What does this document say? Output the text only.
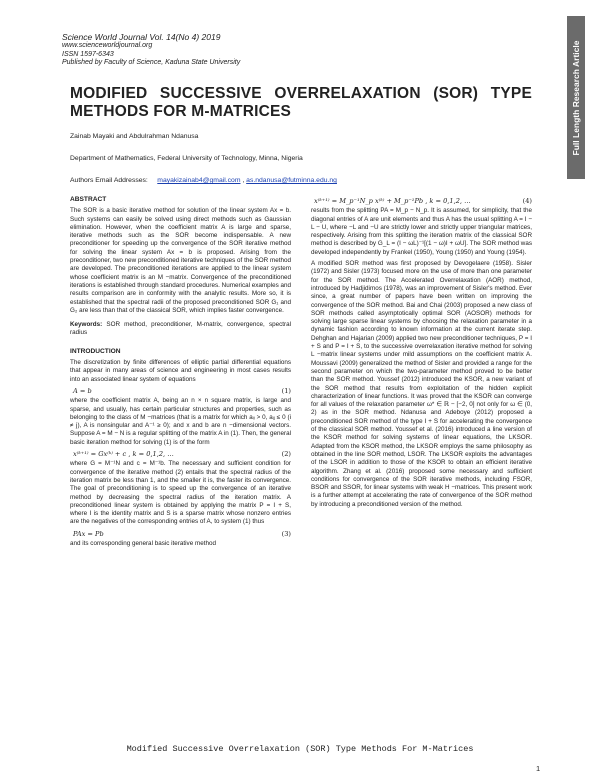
Science World Journal Vol. 14(No 4) 2019
www.scienceworldjournal.org
ISSN 1597-6343
Published by Faculty of Science, Kaduna State University	Full Length Research Article
MODIFIED SUCCESSIVE OVERRELAXATION (SOR) TYPE METHODS FOR M-MATRICES
Zainab Mayaki and Abdulrahman Ndanusa
Department of Mathematics, Federal University of Technology, Minna, Nigeria
Authors Email Addresses: mayakizainab4@gmail.com , as.ndanusa@futminna.edu.ng

ABSTRACT

The SOR is a basic iterative method for solution of the linear system Ax = b. Such systems can easily be solved using direct methods such as Gaussian elimination. However, when the coefficient matrix A is large and sparse, iterative methods such as the SOR become indispensable. A new preconditioner for speeding up the convergence of the SOR iterative method for solving the linear system Ax = b is proposed. Arising from the preconditioner, two new preconditioned iterative techniques of the SOR method are developed. The preconditioned iterations are applied to the linear system whose coefficient matrix is an M −matrix. Convergence of the preconditioned iterations is established through standard procedures. Numerical examples and results comparison are in conformity with the analytic results. More so, it is established that the spectral radii of the proposed preconditioned SOR G₁ and G₂ are less than that of the classical SOR, which implies faster convergence.

Keywords: SOR method, preconditioner, M-matrix, convergence, spectral radius

INTRODUCTION

The discretization by finite differences of elliptic partial differential equations that appear in many areas of science and engineering in most cases results into an associated linear system of equations

A = b	(1)

where the coefficient matrix A, being an n × n square matrix, is large and sparse, and usually, has certain particular structures and properties, such as belonging to the class of M −matrices (that is a matrix for which aᵢᵢ > 0, aᵢⱼ ≤ 0 (i ≠ j), A is nonsingular and A⁻¹ ≥ 0); and x and b are n −dimensional vectors. Suppose A = M − N is a regular splitting of the matrix A in (1). Then, the general basic iteration method for solving (1) is of the form

x⁽ᵏ⁺¹⁾ = Gx⁽ᵏ⁾ + c , k = 0,1,2, …	(2)

where G = M⁻¹N and c = M⁻¹b. The necessary and sufficient condition for convergence of the iterative method (2) entails that the spectral radius of the iteration matrix be less than 1, and the smaller it is, the faster its convergence. The goal of preconditioning is to speed up the convergence of an iterative method by decreasing the spectral radius of the iteration matrix. A preconditioned linear system is obtained by applying the matrix P = I + S, where I is the identity matrix and S is a sparse matrix whose nonzero entries are the negatives of the corresponding entries of A, to system (1) thus

PAx = Pb	(3)

and its corresponding general basic iterative method

x⁽ᵏ⁺¹⁾ = M_p⁻¹N_p x⁽ᵏ⁾ + M_p⁻¹Pb , k = 0,1,2, …	(4)

results from the splitting PA = M_p − N_p. It is assumed, for simplicity, that the diagonal entries of A are unit elements and thus A has the usual splitting A = I − L − U, where −L and −U are strictly lower and strictly upper triangular matrices, respectively. Arising from this splitting the iteration matrix of the classical SOR method is described by G_L = (I − ωL)⁻¹[(1 − ω)I + ωU]. The SOR method was developed independently by Frankel (1950), Young (1950) and Young (1954).

A modified SOR method was first proposed by Devogelaere (1958). Sisler (1972) and Sisler (1973) focused more on the use of more than one parameter for the SOR method. The Accelerated Overrelaxation (AOR) method, introduced by Hadjidimos (1978), was an improvement of Sisler's method. Ever since, a great number of papers have been written on improving the convergence of the SOR method. Bai and Chai (2003) proposed a new class of SOR methods called asymptotically optimal SOR (AOSOR) methods for solving large sparse linear systems by choosing the relaxation parameter in a dynamic fashion according to known information at the current iterate step. Dehghan and Hajarian (2009) applied two new preconditioner techniques, P = I + S and P = I + S, to the successive overrelaxation iterative method for solving L −matrix linear systems under mild assumptions on the coefficient matrix A. Moussavi (2009) generalized the method of Sisler and provided a range for the second parameter on which the two-parameter method proved to be better than the SOR method. Youssef (2012) introduced the KSOR, a new variant of the SOR method that results from exploitation of the hidden explicit characterization of linear functions. It was proved that the KSOR can converge for all values of the relaxation parameter ω* ∈ ℝ − [−2, 0] not only for ω ∈ (0, 2) as in the SOR method. Ndanusa and Adeboye (2012) proposed a preconditioned SOR method of the type I + S for accelerating the convergence of the classical SOR method. Youssef et al. (2016) introduced a line version of the KSOR method for solving systems of linear equations, the LKSOR. Adapted from the KSOR method, the LKSOR employs the same philosophy as obtained in the line SOR method, LSOR. The LKSOR exploits the advantages of the LSOR in addition to those of the KSOR to obtain an efficient iterative algorithm. Zhang et al. (2016) proposed some necessary and sufficient conditions for convergence of the SOR iterative methods, including FSOR, BSOR and SSOR, for linear systems with weak H −matrices. This present work is a further attempt at accelerating the rate of convergence of the SOR method by introducing a preconditioned version of the method.

Modified Successive Overrelaxation (SOR) Type Methods For M-Matrices
1
